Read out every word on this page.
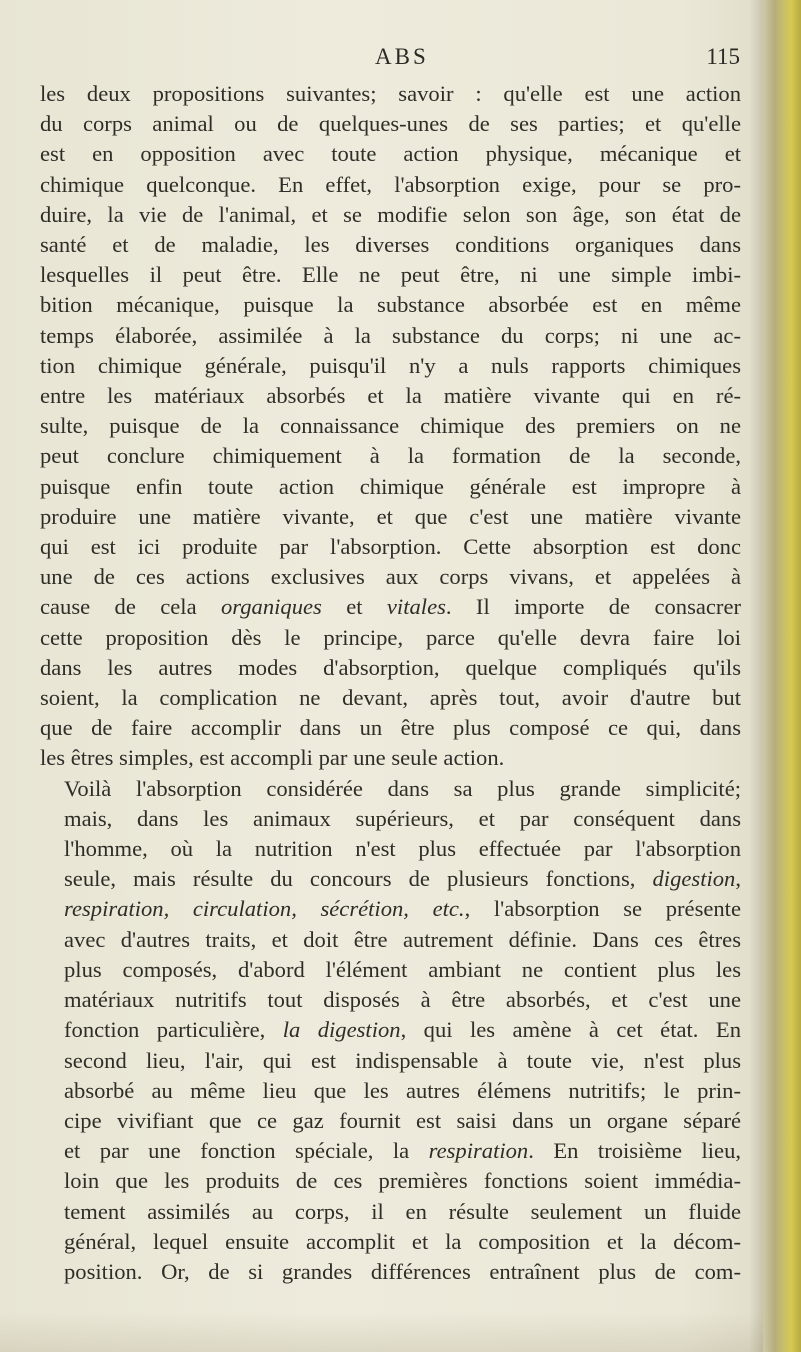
ABS	115

les deux propositions suivantes; savoir : qu'elle est une action
du corps animal ou de quelques-unes de ses parties; et qu'elle
est en opposition avec toute action physique, mécanique et
chimique quelconque. En effet, l'absorption exige, pour se pro-
duire, la vie de l'animal, et se modifie selon son âge, son état de
santé et de maladie, les diverses conditions organiques dans
lesquelles il peut être. Elle ne peut être, ni une simple imbi-
bition mécanique, puisque la substance absorbée est en même
temps élaborée, assimilée à la substance du corps; ni une ac-
tion chimique générale, puisqu'il n'y a nuls rapports chimiques
entre les matériaux absorbés et la matière vivante qui en ré-
sulte, puisque de la connaissance chimique des premiers on ne
peut conclure chimiquement à la formation de la seconde,
puisque enfin toute action chimique générale est impropre à
produire une matière vivante, et que c'est une matière vivante
qui est ici produite par l'absorption. Cette absorption est donc
une de ces actions exclusives aux corps vivans, et appelées à
cause de cela organiques et vitales. Il importe de consacrer
cette proposition dès le principe, parce qu'elle devra faire loi
dans les autres modes d'absorption, quelque compliqués qu'ils
soient, la complication ne devant, après tout, avoir d'autre but
que de faire accomplir dans un être plus composé ce qui, dans
les êtres simples, est accompli par une seule action.

Voilà l'absorption considérée dans sa plus grande simplicité;
mais, dans les animaux supérieurs, et par conséquent dans
l'homme, où la nutrition n'est plus effectuée par l'absorption
seule, mais résulte du concours de plusieurs fonctions, digestion,
respiration, circulation, sécrétion, etc., l'absorption se présente
avec d'autres traits, et doit être autrement définie. Dans ces êtres
plus composés, d'abord l'élément ambiant ne contient plus les
matériaux nutritifs tout disposés à être absorbés, et c'est une
fonction particulière, la digestion, qui les amène à cet état. En
second lieu, l'air, qui est indispensable à toute vie, n'est plus
absorbé au même lieu que les autres élémens nutritifs; le prin-
cipe vivifiant que ce gaz fournit est saisi dans un organe séparé
et par une fonction spéciale, la respiration. En troisième lieu,
loin que les produits de ces premières fonctions soient immédia-
tement assimilés au corps, il en résulte seulement un fluide
général, lequel ensuite accomplit et la composition et la décom-
position. Or, de si grandes différences entraînent plus de com-
